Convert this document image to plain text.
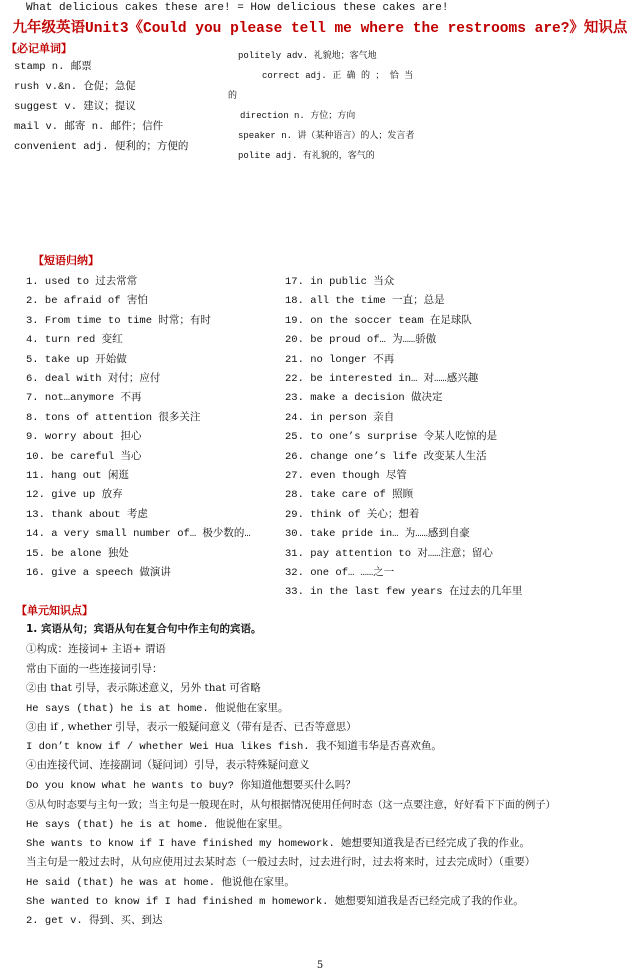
What delicious cakes these are! = How delicious these cakes are!
九年级英语Unit3《Could you please tell me where the restrooms are?》知识点
【必记单词】
stamp n. 邮票
rush v.&n. 仓促；急促
suggest v. 建议；提议
mail v. 邮寄 n. 邮件；信件
convenient adj. 便利的；方便的
politely adv. 礼貌地；客气地
correct adj. 正 确 的 ； 恰 当
的
direction n. 方位；方向
speaker n. 讲（某种语言）的人；发言者
polite adj. 有礼貌的，客气的
【短语归纳】
1. used to 过去常常
2. be afraid of 害怕
3. From time to time 时常；有时
4. turn red 变红
5. take up 开始做
6. deal with 对付；应付
7. not…anymore 不再
8. tons of attention 很多关注
9. worry about 担心
10. be careful 当心
11. hang out 闲逛
12. give up 放弃
13. thank about 考虑
14. a very small number of… 极少数的…
15. be alone 独处
16. give a speech 做演讲
17. in public 当众
18. all the time 一直；总是
19. on the soccer team 在足球队
20. be proud of… 为……骄傲
21. no longer 不再
22. be interested in… 对……感兴趣
23. make a decision 做决定
24. in person 亲自
25. to one’s surprise 令某人吃惊的是
26. change one’s life 改变某人生活
27. even though 尽管
28. take care of 照顾
29. think of 关心；想着
30. take pride in… 为……感到自豪
31. pay attention to 对……注意；留心
32. one of… ……之一
33. in the last few years 在过去的几年里
【单元知识点】
1. 宾语从句；宾语从句在复合句中作主句的宾语。
①构成：连接词+ 主语+ 谓语
常由下面的一些连接词引导：
②由 that 引导，表示陈述意义，另外 that 可省略
He says (that) he is at home. 他说他在家里。
③由 if , whether 引导，表示一般疑问意义（带有是否、已否等意思）
I don’t know if / whether Wei Hua likes fish. 我不知道韦华是否喜欢鱼。
④由连接代词、连接副词（疑问词）引导，表示特殊疑问意义
Do you know what he wants to buy? 你知道他想要买什么吗？
⑤从句时态要与主句一致；当主句是一般现在时，从句根据情况使用任何时态（这一点要注意，好好看下下面的例子）
He says (that) he is at home. 他说他在家里。
She wants to know if I have finished my homework. 她想要知道我是否已经完成了我的作业。
当主句是一般过去时，从句应使用过去某时态（一般过去时，过去进行时，过去将来时，过去完成时）（重要）
He said (that) he was at home. 他说他在家里。
She wanted to know if I had finished m homework. 她想要知道我是否已经完成了我的作业。
2. get v. 得到、买、到达
5
